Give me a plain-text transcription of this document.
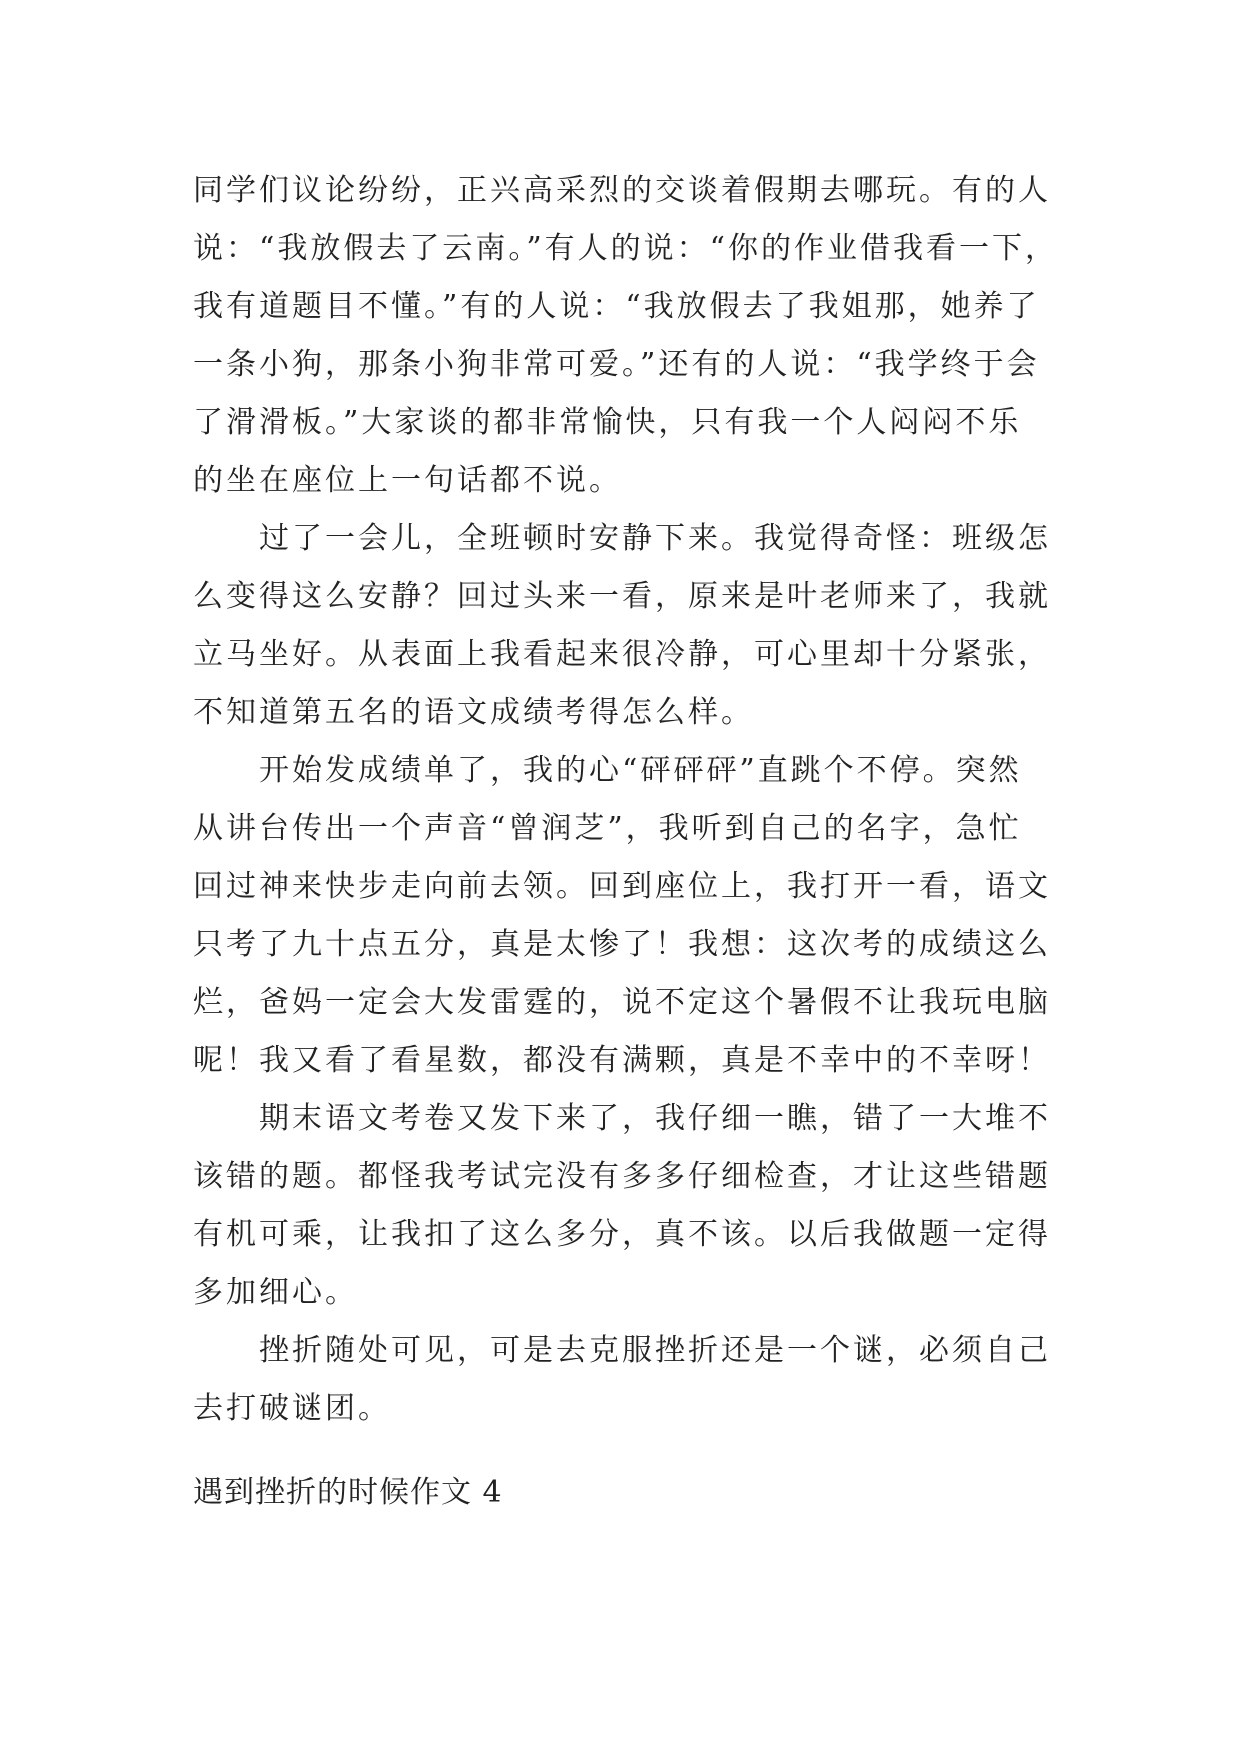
同学们议论纷纷，正兴高采烈的交谈着假期去哪玩。有的人
说：“我放假去了云南。”有人的说：“你的作业借我看一下，
我有道题目不懂。”有的人说：“我放假去了我姐那，她养了
一条小狗，那条小狗非常可爱。”还有的人说：“我学终于会
了滑滑板。”大家谈的都非常愉快，只有我一个人闷闷不乐
的坐在座位上一句话都不说。
　　过了一会儿，全班顿时安静下来。我觉得奇怪：班级怎
么变得这么安静？回过头来一看，原来是叶老师来了，我就
立马坐好。从表面上我看起来很冷静，可心里却十分紧张，
不知道第五名的语文成绩考得怎么样。
　　开始发成绩单了，我的心“砰砰砰”直跳个不停。突然
从讲台传出一个声音“曾润芝”，我听到自己的名字，急忙
回过神来快步走向前去领。回到座位上，我打开一看，语文
只考了九十点五分，真是太惨了！我想：这次考的成绩这么
烂，爸妈一定会大发雷霆的，说不定这个暑假不让我玩电脑
呢！我又看了看星数，都没有满颗，真是不幸中的不幸呀！
　　期末语文考卷又发下来了，我仔细一瞧，错了一大堆不
该错的题。都怪我考试完没有多多仔细检查，才让这些错题
有机可乘，让我扣了这么多分，真不该。以后我做题一定得
多加细心。
　　挫折随处可见，可是去克服挫折还是一个谜，必须自己
去打破谜团。
遇到挫折的时候作文 4
